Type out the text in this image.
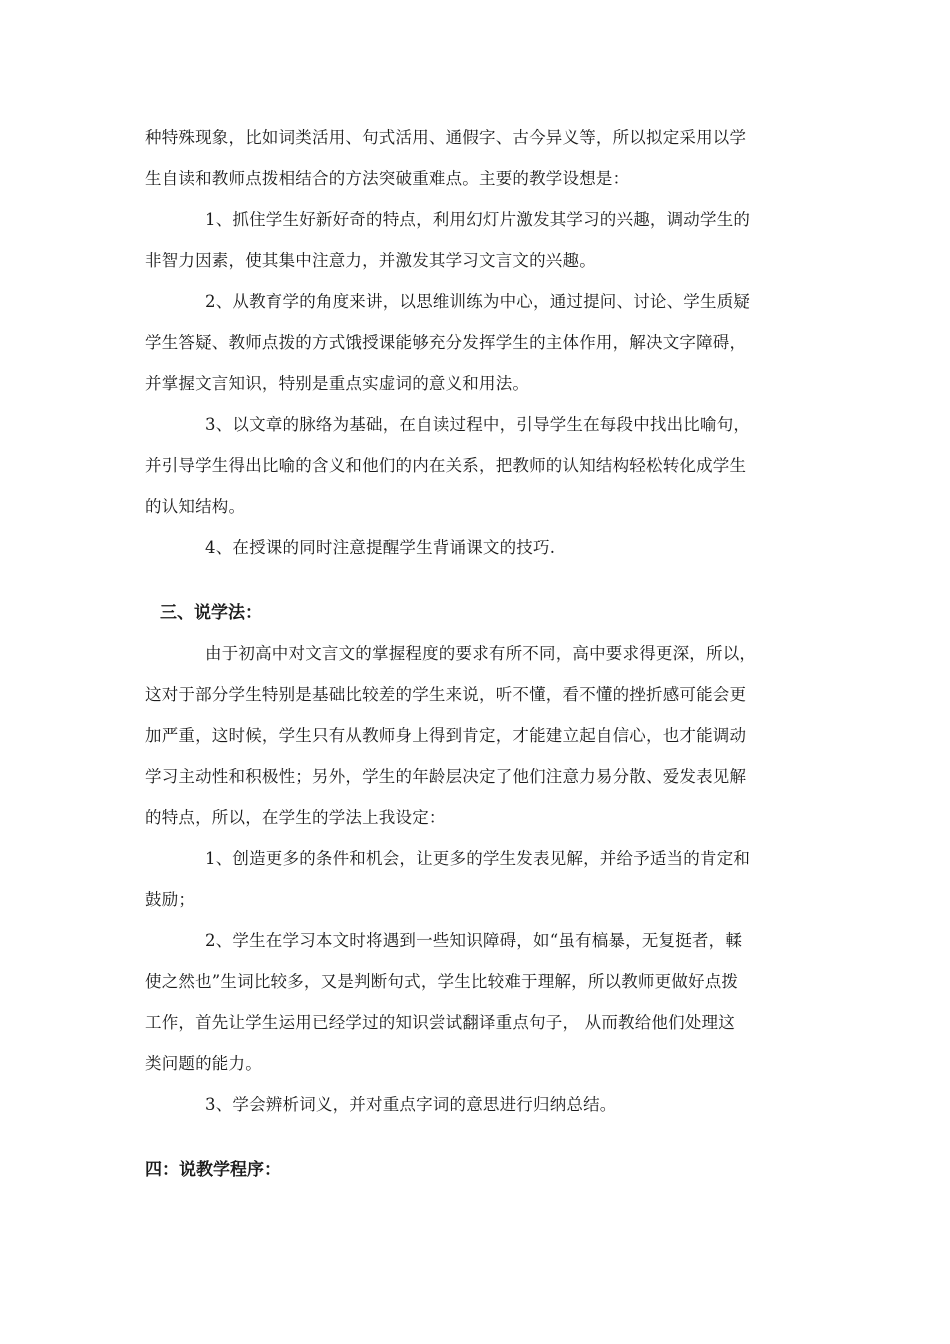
种特殊现象，比如词类活用、句式活用、通假字、古今异义等，所以拟定采用以学
生自读和教师点拨相结合的方法突破重难点。主要的教学设想是：
1、抓住学生好新好奇的特点，利用幻灯片激发其学习的兴趣，调动学生的
非智力因素，使其集中注意力，并激发其学习文言文的兴趣。
2、从教育学的角度来讲，以思维训练为中心，通过提问、讨论、学生质疑
学生答疑、教师点拨的方式饿授课能够充分发挥学生的主体作用，解决文字障碍，
并掌握文言知识，特别是重点实虚词的意义和用法。
3、以文章的脉络为基础，在自读过程中，引导学生在每段中找出比喻句，
并引导学生得出比喻的含义和他们的内在关系，把教师的认知结构轻松转化成学生
的认知结构。
4、在授课的同时注意提醒学生背诵课文的技巧.
三、说学法：
由于初高中对文言文的掌握程度的要求有所不同，高中要求得更深，所以，
这对于部分学生特别是基础比较差的学生来说，听不懂，看不懂的挫折感可能会更
加严重，这时候，学生只有从教师身上得到肯定，才能建立起自信心，也才能调动
学习主动性和积极性；另外，学生的年龄层决定了他们注意力易分散、爱发表见解
的特点，所以，在学生的学法上我设定：
1、创造更多的条件和机会，让更多的学生发表见解，并给予适当的肯定和
鼓励；
2、学生在学习本文时将遇到一些知识障碍，如“虽有槁暴，无复挺者，輮
使之然也”生词比较多，又是判断句式，学生比较难于理解，所以教师更做好点拨
工作，首先让学生运用已经学过的知识尝试翻译重点句子， 从而教给他们处理这
类问题的能力。
3、学会辨析词义，并对重点字词的意思进行归纳总结。
四：说教学程序：
